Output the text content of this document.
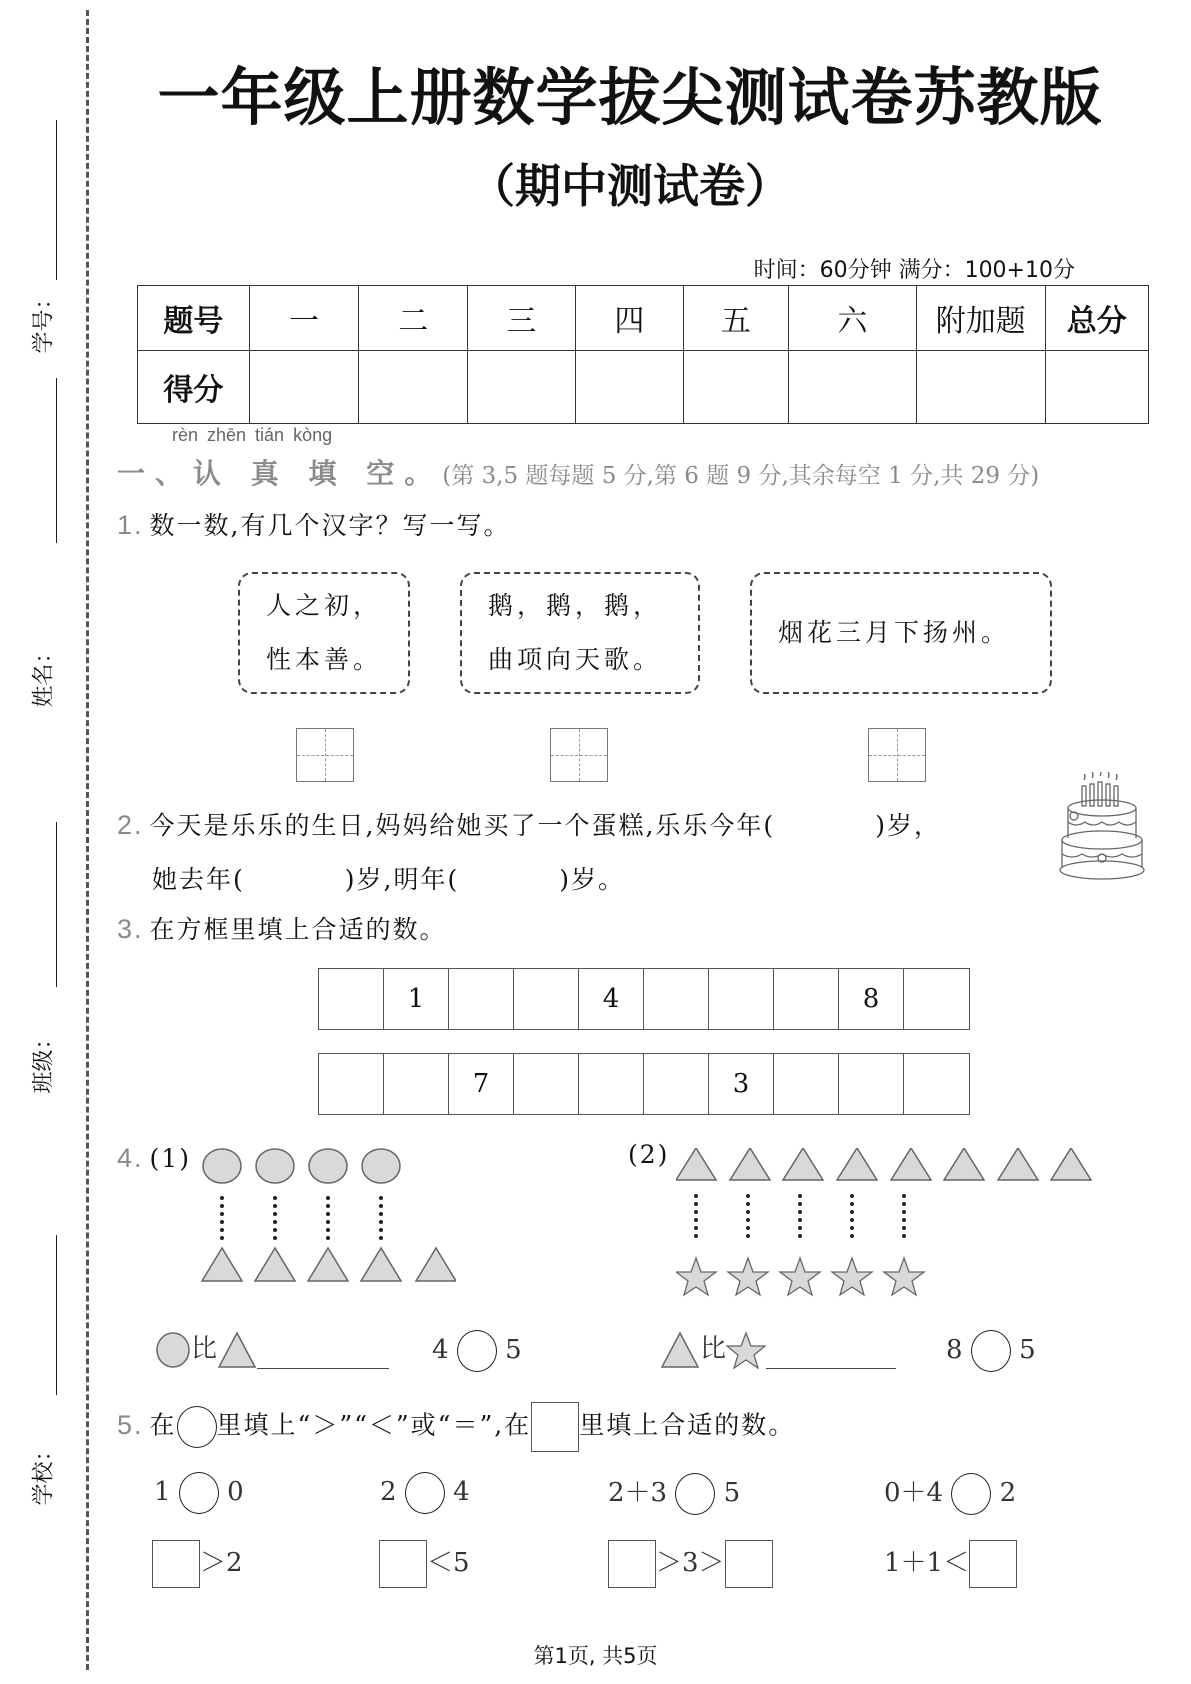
学号：
姓名：
班级：
学校：
一年级上册数学拔尖测试卷苏教版
（期中测试卷）
时间：60分钟 满分：100+10分
题号	一	二	三	四	五	六	附加题	总分
得分								
rèn zhēn tián kòng
一、认 真 填 空。(第 3,5 题每题 5 分,第 6 题 9 分,其余每空 1 分,共 29 分)
1. 数一数,有几个汉字？写一写。
人之初，
性本善。
鹅，鹅，鹅，
曲项向天歌。
烟花三月下扬州。
2. 今天是乐乐的生日,妈妈给她买了一个蛋糕,乐乐今年(	)岁，
她去年(	)岁,明年(	)岁。
3. 在方框里填上合适的数。
1	4	8
7	3
4. (1)	(2)
比	4 5	比	8 5
5. 在 里填上“＞”“＜”或“＝”,在 里填上合适的数。
1 0	2 4	2＋3 5	0＋4 2
＞2	＜5	＞3＞	1＋1＜
第1页, 共5页
